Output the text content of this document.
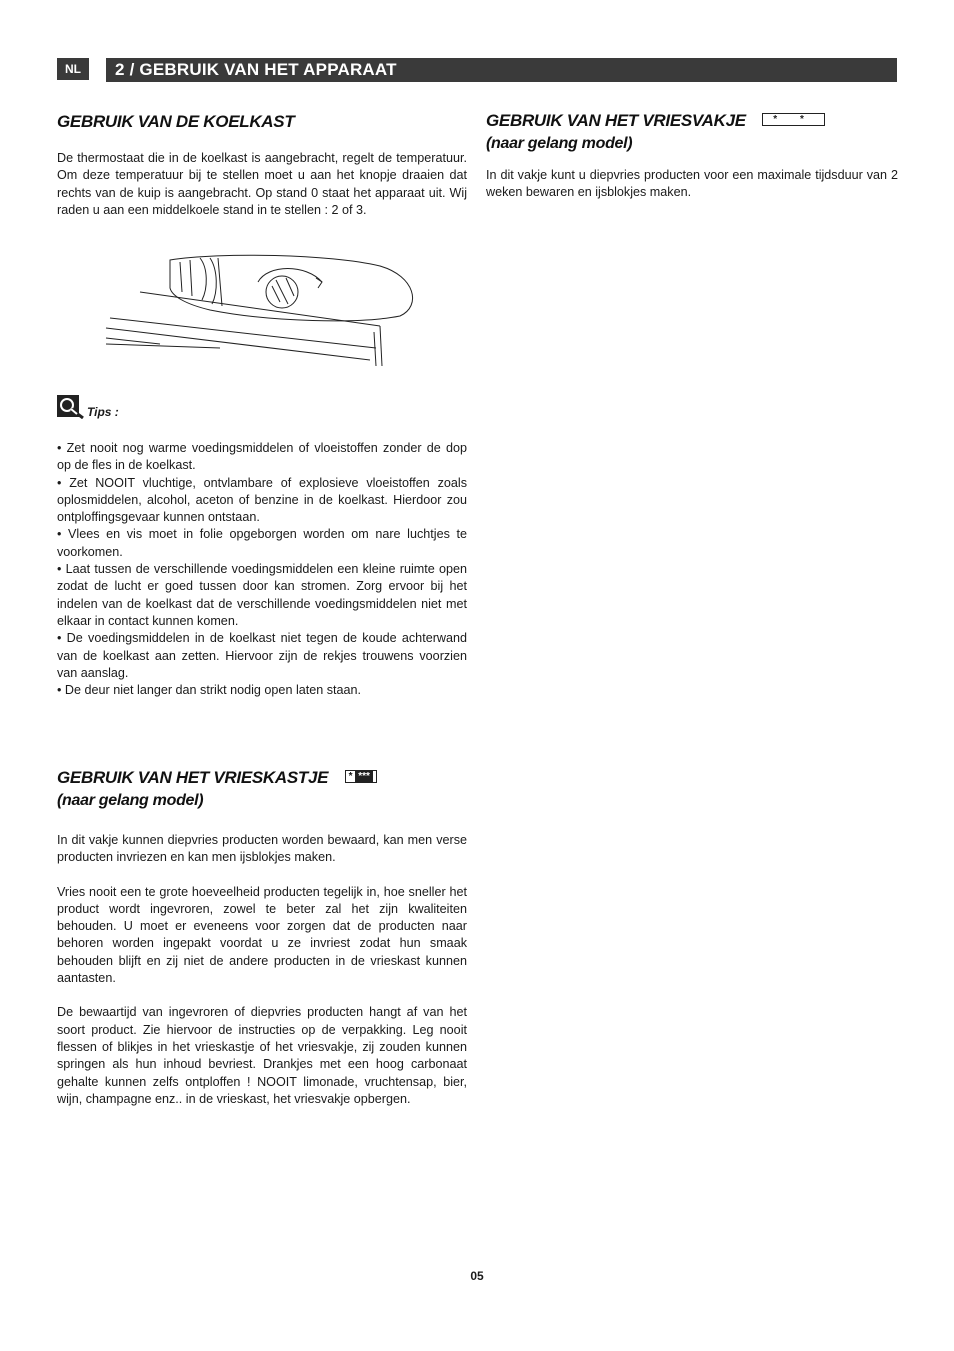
NL	2 / GEBRUIK VAN HET APPARAAT
GEBRUIK VAN DE KOELKAST

De thermostaat die in de koelkast is aangebracht, regelt de temperatuur. Om deze temperatuur bij te stellen moet u aan het knopje draaien dat rechts van de kuip is aangebracht. Op stand 0 staat het apparaat uit. Wij raden u aan een middelkoele stand in te stellen : 2 of 3.

Tips :

• Zet nooit nog warme voedingsmiddelen of vloeistoffen zonder de dop op de fles in de koelkast.

• Zet NOOIT vluchtige, ontvlambare of explosieve vloeistoffen zoals oplosmiddelen, alcohol, aceton of benzine in de koelkast. Hierdoor zou ontploffingsgevaar kunnen ontstaan.

• Vlees en vis moet in folie opgeborgen worden om nare luchtjes te voorkomen.

• Laat tussen de verschillende voedingsmiddelen een kleine ruimte open zodat de lucht er goed tussen door kan stromen. Zorg ervoor bij het indelen van de koelkast dat de verschillende voedingsmiddelen niet met elkaar in contact kunnen komen.

• De voedingsmiddelen in de koelkast niet tegen de koude achterwand van de koelkast aan zetten. Hiervoor zijn de rekjes trouwens voorzien van aanslag.

• De deur niet langer dan strikt nodig open laten staan.

GEBRUIK VAN HET VRIESKASTJE * ***
(naar gelang model)

In dit vakje kunnen diepvries producten worden bewaard, kan men verse producten invriezen en kan men ijsblokjes maken.

Vries nooit een te grote hoeveelheid producten tegelijk in, hoe sneller het product wordt ingevroren, zowel te beter zal het zijn kwaliteiten behouden. U moet er eveneens voor zorgen dat de producten naar behoren worden ingepakt voordat u ze invriest zodat hun smaak behouden blijft en zij niet de andere producten in de vrieskast kunnen aantasten.

De bewaartijd van ingevroren of diepvries producten hangt af van het soort product. Zie hiervoor de instructies op de verpakking. Leg nooit flessen of blikjes in het vrieskastje of het vriesvakje, zij zouden kunnen springen als hun inhoud bevriest. Drankjes met een hoog carbonaat gehalte kunnen zelfs ontploffen ! NOOIT limonade, vruchtensap, bier, wijn, champagne enz.. in de vrieskast, het vriesvakje opbergen.

GEBRUIK VAN HET VRIESVAKJE	* *
(naar gelang model)

In dit vakje kunt u diepvries producten voor een maximale tijdsduur van 2 weken bewaren en ijsblokjes maken.

05
